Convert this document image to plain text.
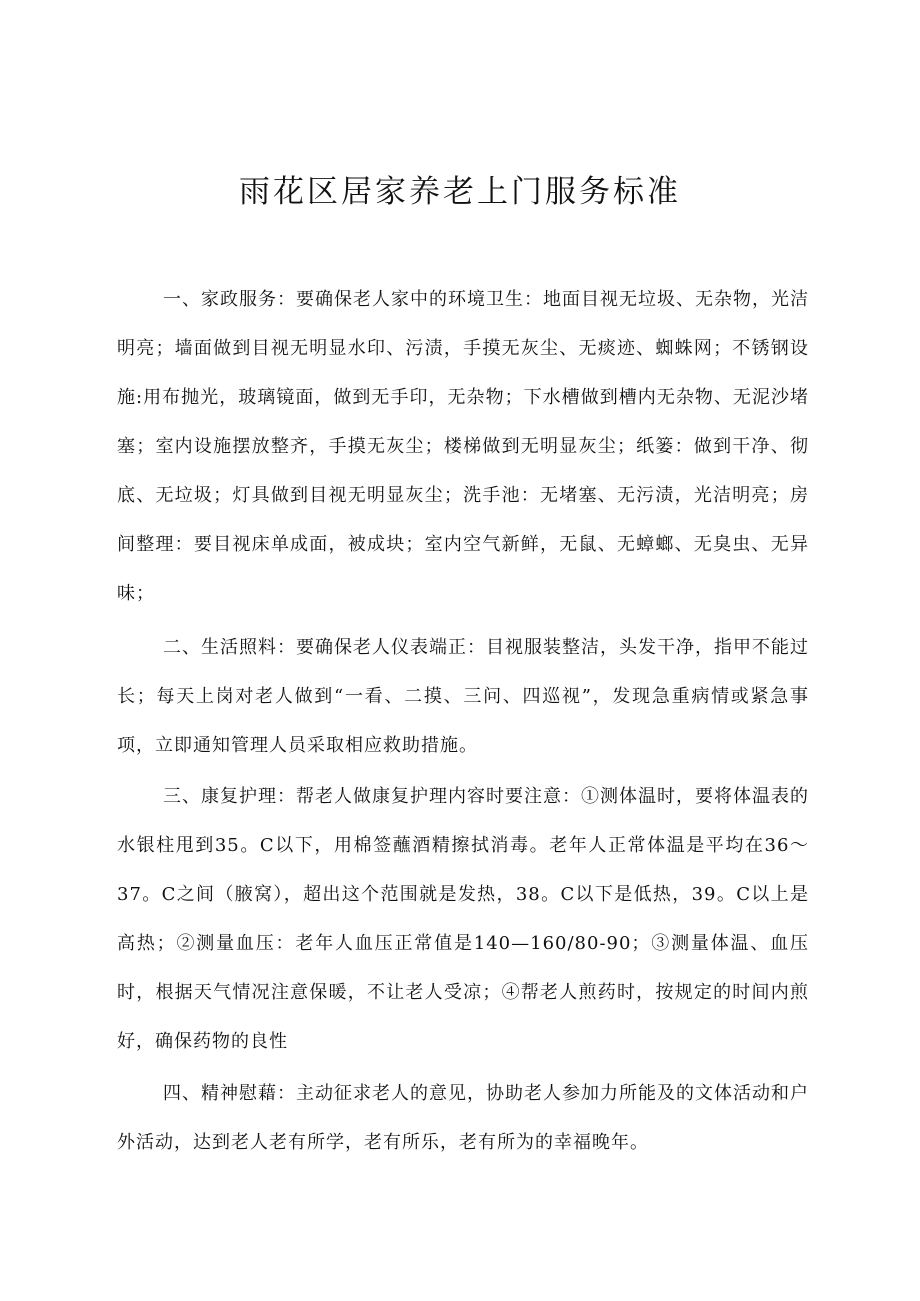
雨花区居家养老上门服务标准

一、家政服务：要确保老人家中的环境卫生：地面目视无垃圾、无杂物，光洁明亮；墙面做到目视无明显水印、污渍，手摸无灰尘、无痰迹、蜘蛛网；不锈钢设施:用布抛光，玻璃镜面，做到无手印，无杂物；下水槽做到槽内无杂物、无泥沙堵塞；室内设施摆放整齐，手摸无灰尘；楼梯做到无明显灰尘；纸篓：做到干净、彻底、无垃圾；灯具做到目视无明显灰尘；洗手池：无堵塞、无污渍，光洁明亮；房间整理：要目视床单成面，被成块；室内空气新鲜，无鼠、无蟑螂、无臭虫、无异味；

二、生活照料：要确保老人仪表端正：目视服装整洁，头发干净，指甲不能过长；每天上岗对老人做到“一看、二摸、三问、四巡视”，发现急重病情或紧急事项，立即通知管理人员采取相应救助措施。

三、康复护理：帮老人做康复护理内容时要注意：①测体温时，要将体温表的水银柱甩到35。C以下，用棉签蘸酒精擦拭消毒。老年人正常体温是平均在36～37。C之间（腋窝），超出这个范围就是发热，38。C以下是低热，39。C以上是高热；②测量血压：老年人血压正常值是140—160/80-90；③测量体温、血压时，根据天气情况注意保暖，不让老人受凉；④帮老人煎药时，按规定的时间内煎好，确保药物的良性

四、精神慰藉：主动征求老人的意见，协助老人参加力所能及的文体活动和户外活动，达到老人老有所学，老有所乐，老有所为的幸福晚年。
